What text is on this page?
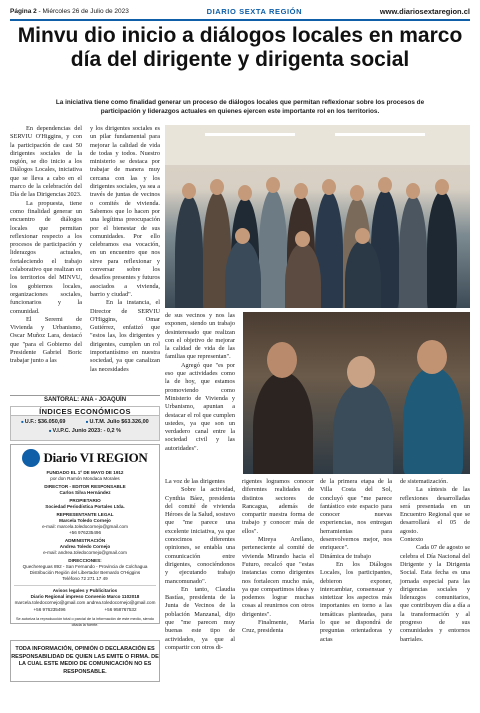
Página 2 - Miércoles 26 de Julio de 2023	DIARIO SEXTA REGIÓN	www.diariosextaregion.cl
Minvu dio inicio a diálogos locales en marco día del dirigente y dirigenta social
La iniciativa tiene como finalidad generar un proceso de diálogos locales que permitan reflexionar sobre los procesos de participación y liderazgos actuales en quienes ejercen este importante rol en los territorios.

En dependencias del SERVIU O'Higgins, y con la participación de casi 50 dirigentes sociales de la región, se dio inicio a los Diálogos Locales, iniciativa que se lleva a cabo en el marco de la celebración del Día de las Dirigencias 2023.

La propuesta, tiene como finalidad generar un encuentro de diálogos locales que permitan reflexionar respecto a los procesos de participación y liderazgos actuales, fortaleciendo el trabajo colaborativo que realizan en los territorios del MINVU, los gobiernos locales, organizaciones sociales, funcionarios y la comunidad.

El Seremi de Vivienda y Urbanismo, Oscar Muñoz Lara, destacó que "para el Gobierno del Presidente Gabriel Boric trabajar junto a las

y los dirigentes sociales es un pilar fundamental para mejorar la calidad de vida de todas y todos. Nuestro ministerio se destaca por trabajar de manera muy cercana con las y los dirigentes sociales, ya sea a través de juntas de vecinos o comités de vivienda. Sabemos que lo hacen por una legítima preocupación por el bienestar de sus comunidades. Por ello celebramos esa vocación, en un encuentro que nos sirve para reflexionar y conversar sobre los desafíos presentes y futuros asociados a vivienda, barrio y ciudad".

En la instancia, el Director de SERVIU O'Higgins, Omar Gutiérrez, enfatizó que "estos las, los dirigentes y dirigentes, cumplen un rol importantísimo en nuestra sociedad, ya que canalizan las necesidades

de sus vecinos y nos las exponen, siendo un trabajo desinteresado que realizan con el objetivo de mejorar la calidad de vida de las familias que representan".

Agregó que "es por eso que actividades como la de hoy, que estamos promoviendo como Ministerio de Vivienda y Urbanismo, apuntan a destacar el rol que cumplen ustedes, ya que son un verdadero canal entre la sociedad civil y las autoridades".

La voz de las dirigentes

Sobre la actividad, Cynthia Báez, presidenta del comité de vivienda Héroes de la Salud, sostuvo que "me parece una excelente iniciativa, ya que conocimos diferentes opiniones, se entabla una comunicación entre dirigentes, conociéndonos y ejecutando trabajo mancomunado".

En tanto, Claudia Bastías, presidenta de la Junta de Vecinos de la población Manzanal, dijo que "me parecen muy buenas este tipo de actividades, ya que al compartir con otros di-

rigentes logramos conocer diferentes realidades de distintos sectores de Rancagua, además de compartir nuestra forma de trabajo y conocer más de ellos".

Mireya Arellano, perteneciente al comité de vivienda Mirando hacia el Futuro, recalcó que "estas instancias como dirigentes nos fortalecen mucho más, ya que compartimos ideas y podemos lograr muchas cosas al reunirnos con otros dirigentes".

Finalmente, María Cruz, presidenta

de la primera etapa de la Villa Costa del Sol, concluyó que "me parece fantástico este espacio para conocer nuevas experiencias, nos entregan herramientas para desenvolvernos mejor, nos enriquece".

Dinámica de trabajo

En los Diálogos Locales, los participantes, debieron exponer, intercambiar, consensuar y sintetizar los aspectos más importantes en torno a las temáticas planteadas, para lo que se dispondrá de preguntas orientadoras y actas

de sistematización.

La síntesis de las reflexiones desarrolladas será presentada en un Encuentro Regional que se desarrollará el 05 de agosto.

Contexto

Cada 07 de agosto se celebra el Día Nacional del Dirigente y la Dirigenta Social. Esta fecha es una jornada especial para las dirigencias sociales y liderazgos comunitarios, que contribuyen día a día a la transformación y al progreso de sus comunidades y entornos barriales.

SANTORAL: ANA - JOAQUÍN
ÍNDICES ECONÓMICOS
■ U.F.: $36.050,69
■	U.T.M. Julio $63.326,00
■ V.I.P.C. Junio 2023: - 0,2 %
Diario VI REGION
FUNDADO EL 1º DE MAYO DE 1912
por don Ramón Mondaca Morales
DIRECTOR - EDITOR RESPONSABLE
Carlos Silva Hernández
PROPIETARIO
Sociedad Periodística Portales Ltda.
REPRESENTANTE LEGAL
Marcela Toledo Cornejo
e-mail: marcela.toledocornejo@gmail.com
+56 976235496
ADMINISTRACIÓN
Andrea Toledo Cornejo
e-mail: andrea.toledocornejo@gmail.com
DIRECCIONES:
Quechereguas 892 - San Fernando - Provincia de Colchagua
Distribución Región del Libertador Bernardo O'Higgins
Teléfono 72 271 17 49
Avisos legales y Publicitarios
Diario Regional impreso Convenio Marco 1102018
marcela.toledocornejo@gmail.com andrea.toledocornejo@gmail.com
+56 976235496	+56 958767532
Se autoriza la reproducción total o parcial de la información de este medio, siendo citada la fuente.
TODA INFORMACIÓN, OPINIÓN O DECLARACIÓN ES RESPONSABILIDAD DE QUIEN LAS EMITE O FIRMA. DE LA CUAL ESTE MEDIO DE COMUNICACIÓN NO ES RESPONSABLE.
